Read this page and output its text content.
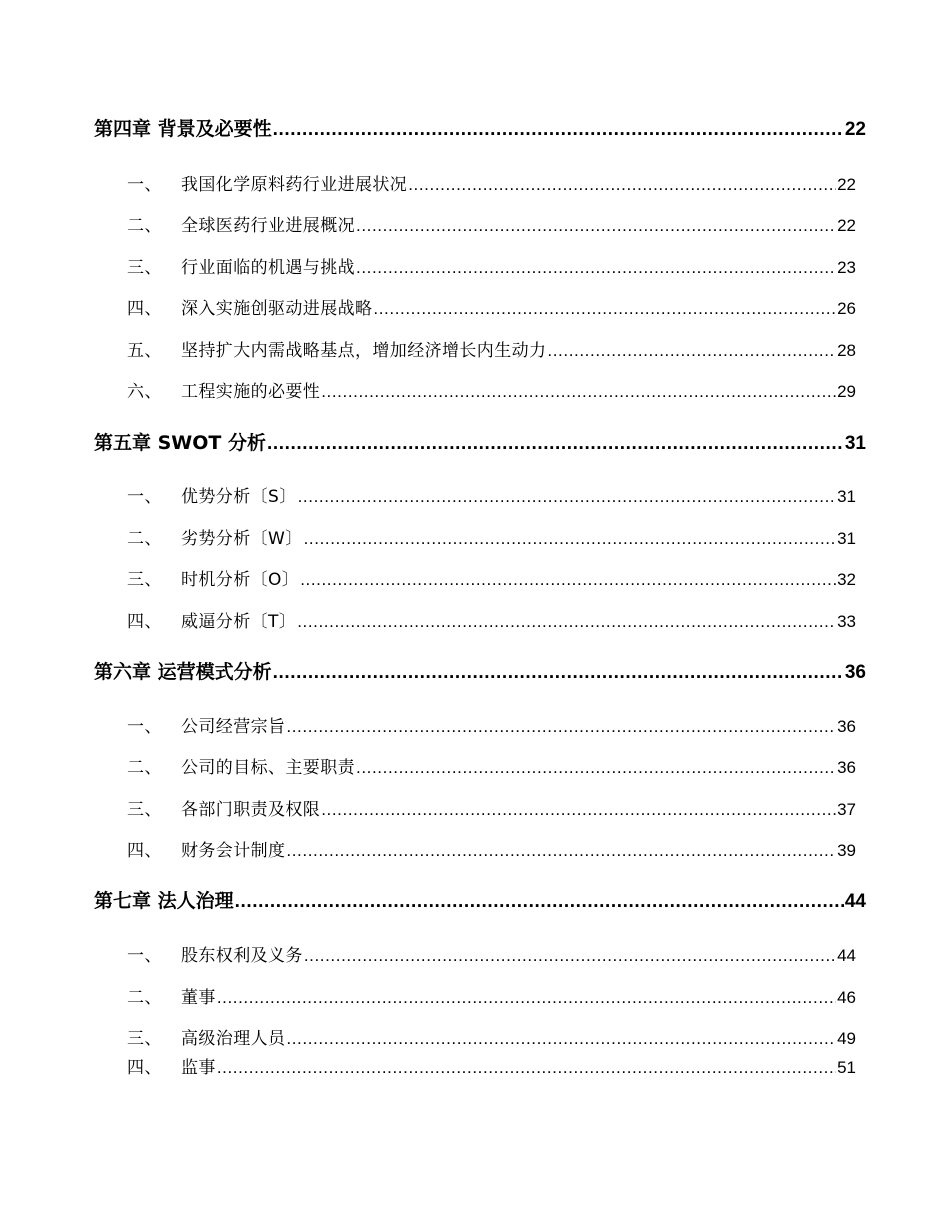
第四章 背景及必要性 .....	22
一、	我国化学原料药行业进展状况 .....	22
二、	全球医药行业进展概况 .....	22
三、	行业面临的机遇与挑战 .....	23
四、	深入实施创驱动进展战略 .....	26
五、	坚持扩大内需战略基点，增加经济增长内生动力 .....	28
六、	工程实施的必要性 .....	29
第五章 SWOT 分析 .....	31
一、	优势分析〔S〕 .....	31
二、	劣势分析〔W〕 .....	31
三、	时机分析〔O〕 .....	32
四、	威逼分析〔T〕 .....	33
第六章 运营模式分析 .....	36
一、	公司经营宗旨 .....	36
二、	公司的目标、主要职责 .....	36
三、	各部门职责及权限 .....	37
四、	财务会计制度 .....	39
第七章 法人治理 .....	44
一、	股东权利及义务 .....	44
二、	董事 .....	46
三、	高级治理人员 .....	49
四、	监事 .....	51
